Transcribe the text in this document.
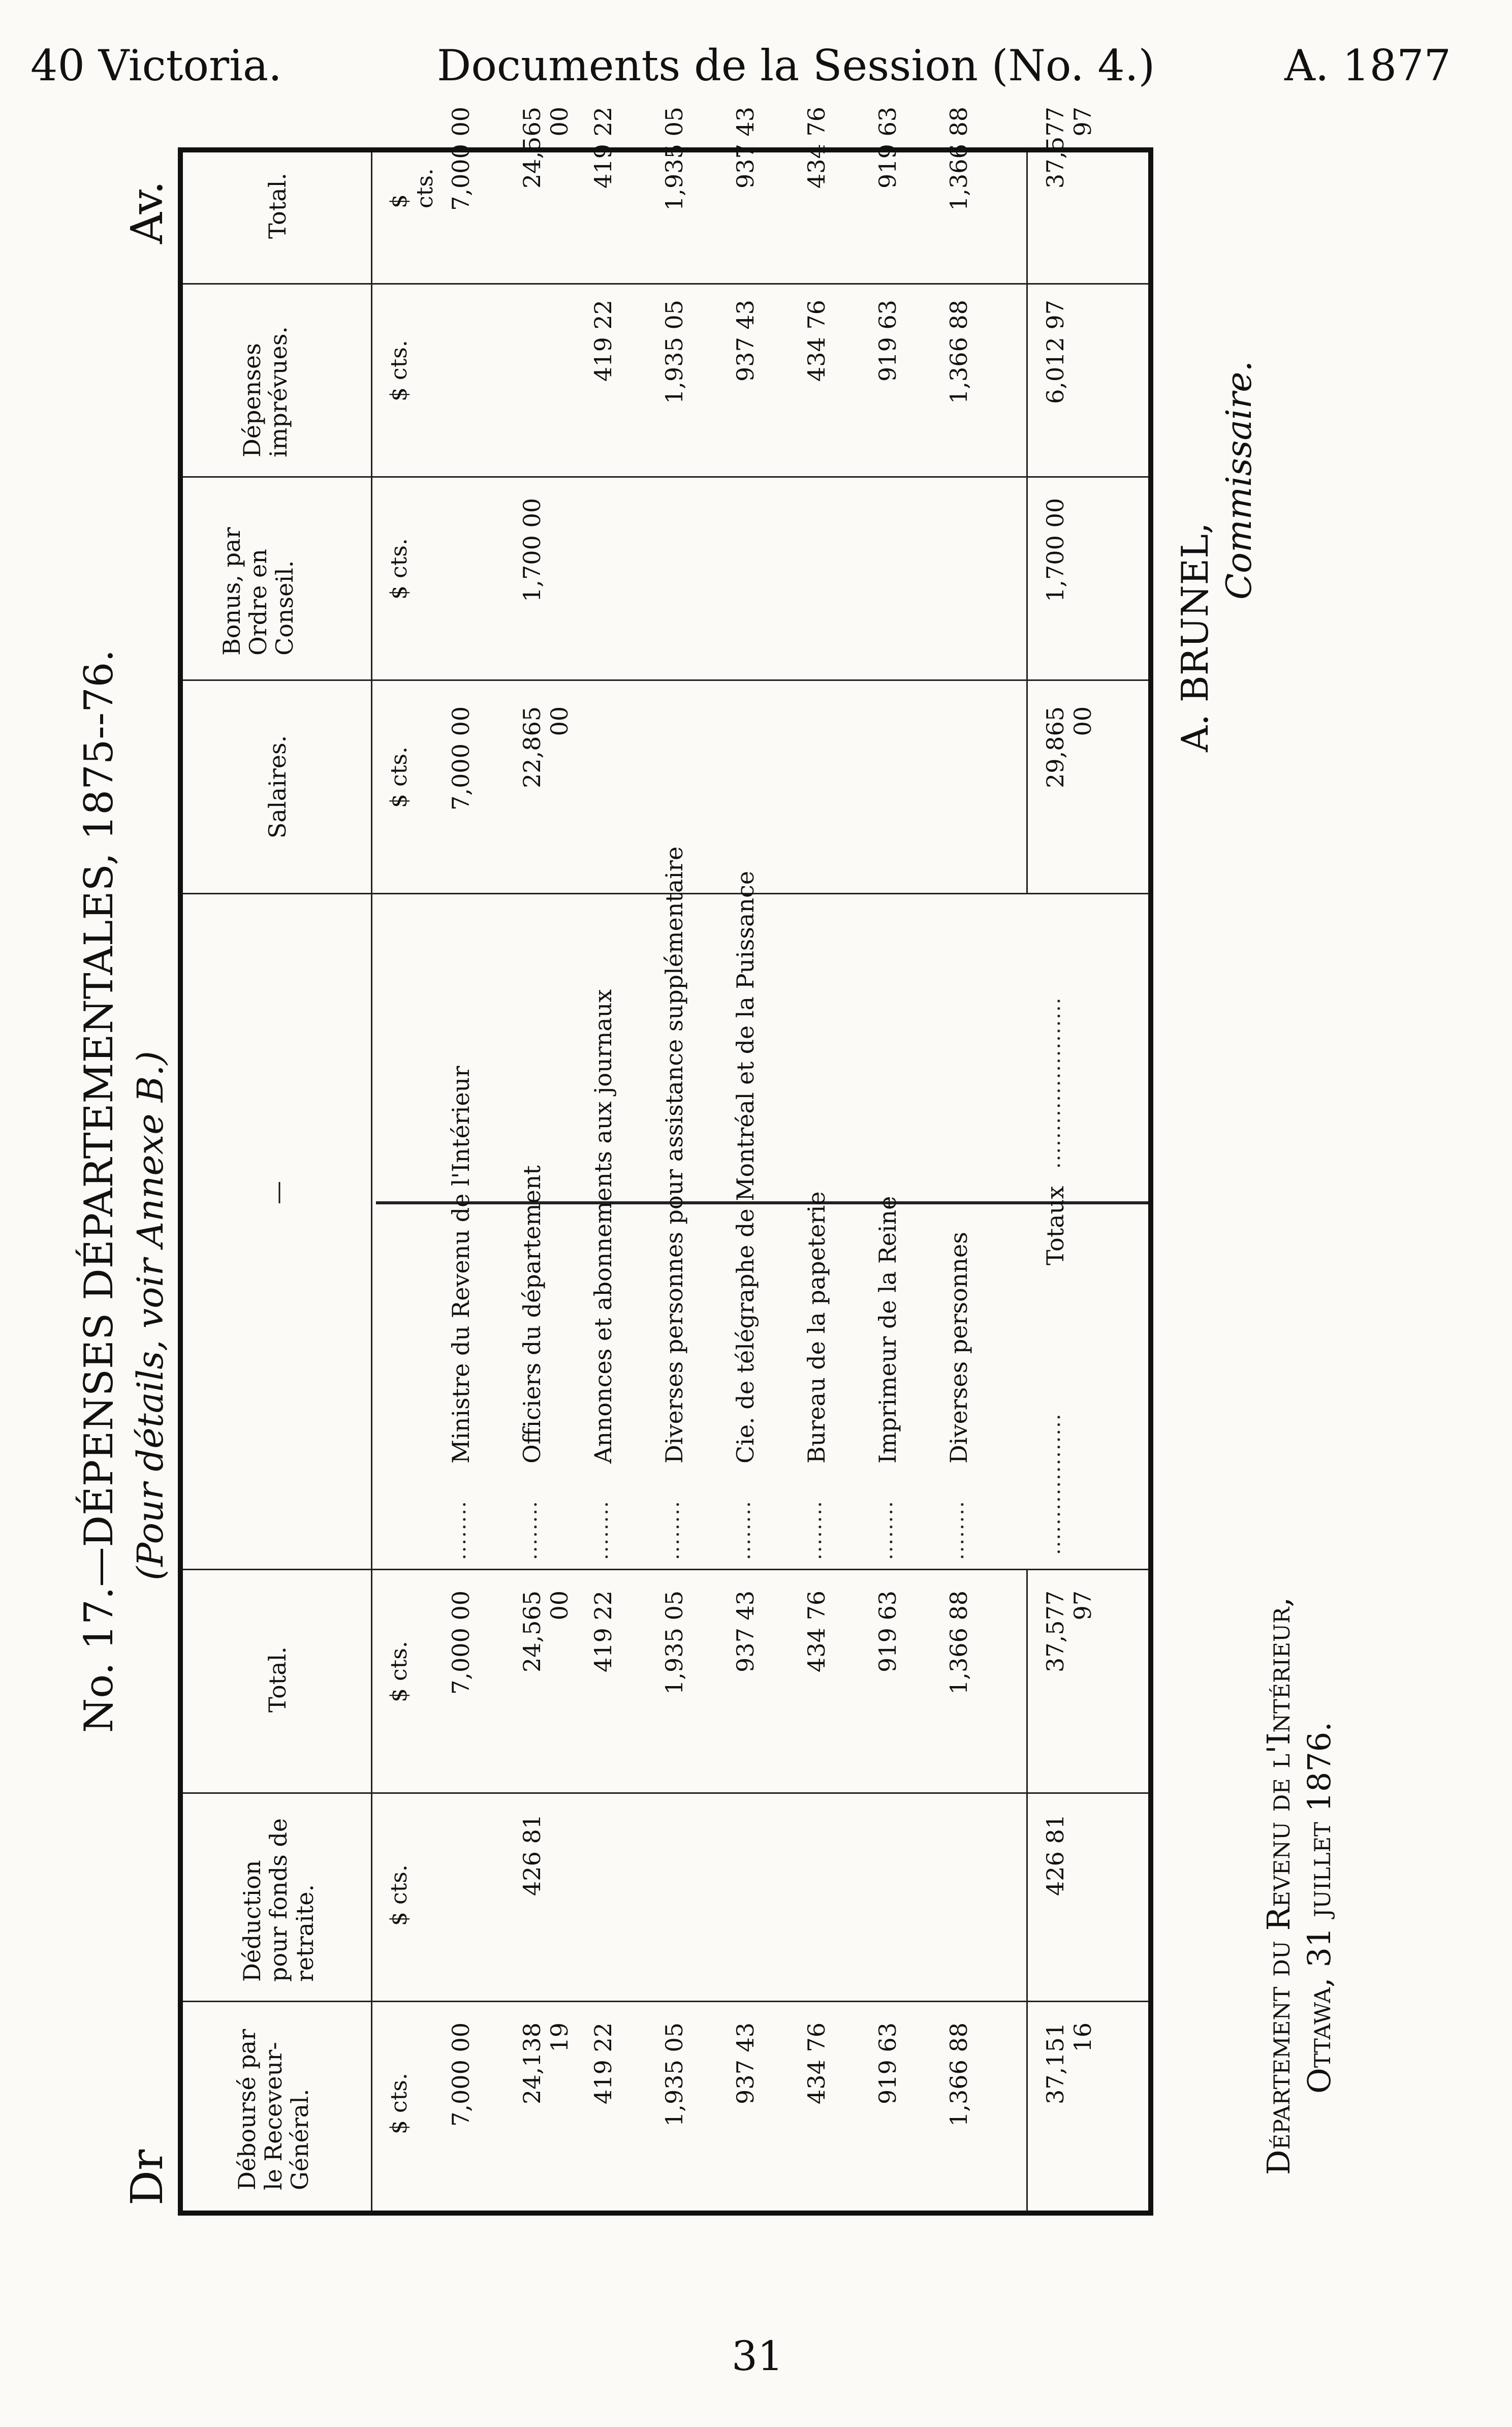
40 Victoria.	Documents de la Session (No. 4.)	A. 1877
No. 17.—DÉPENSES DÉPARTEMENTALES, 1875--76. (Pour détails, voir Annexe B.)
Dr
Av.
Déboursé par le Receveur-Général.
Déduction pour fonds de retraite.
Total.
—
Salaires.
Bonus, par Ordre en Conseil.
Dépenses imprévues.
Total.
$ cts.
$ cts.
$ cts.
$ cts.
$ cts.
$ cts.
$ cts.
7,000 00
7,000 00
7,000 00
7,000 00
........
Ministre du Revenu de l'Intérieur
24,138 19
426 81
24,565 00
22,865 00
1,700 00
24,565 00
........
Officiers du département
419 22
419 22
419 22
419 22
........
Annonces et abonnements aux journaux
1,935 05
1,935 05
1,935 05
1,935 05
........
Diverses personnes pour assistance supplémentaire
937 43
937 43
937 43
937 43
........
Cie. de télégraphe de Montréal et de la Puissance
434 76
434 76
434 76
434 76
........
Bureau de la papeterie
919 63
919 63
919 63
919 63
........
Imprimeur de la Reine
1,366 88
1,366 88
1,366 88
1,366 88
........
Diverses personnes
37,151 16
426 81
37,577 97
...................
Totaux
.......................
29,865 00
1,700 00
6,012 97
37,577 97
A. BRUNEL,
Commissaire.
Département du Revenu de l'Intérieur, Ottawa, 31 juillet 1876.
31
